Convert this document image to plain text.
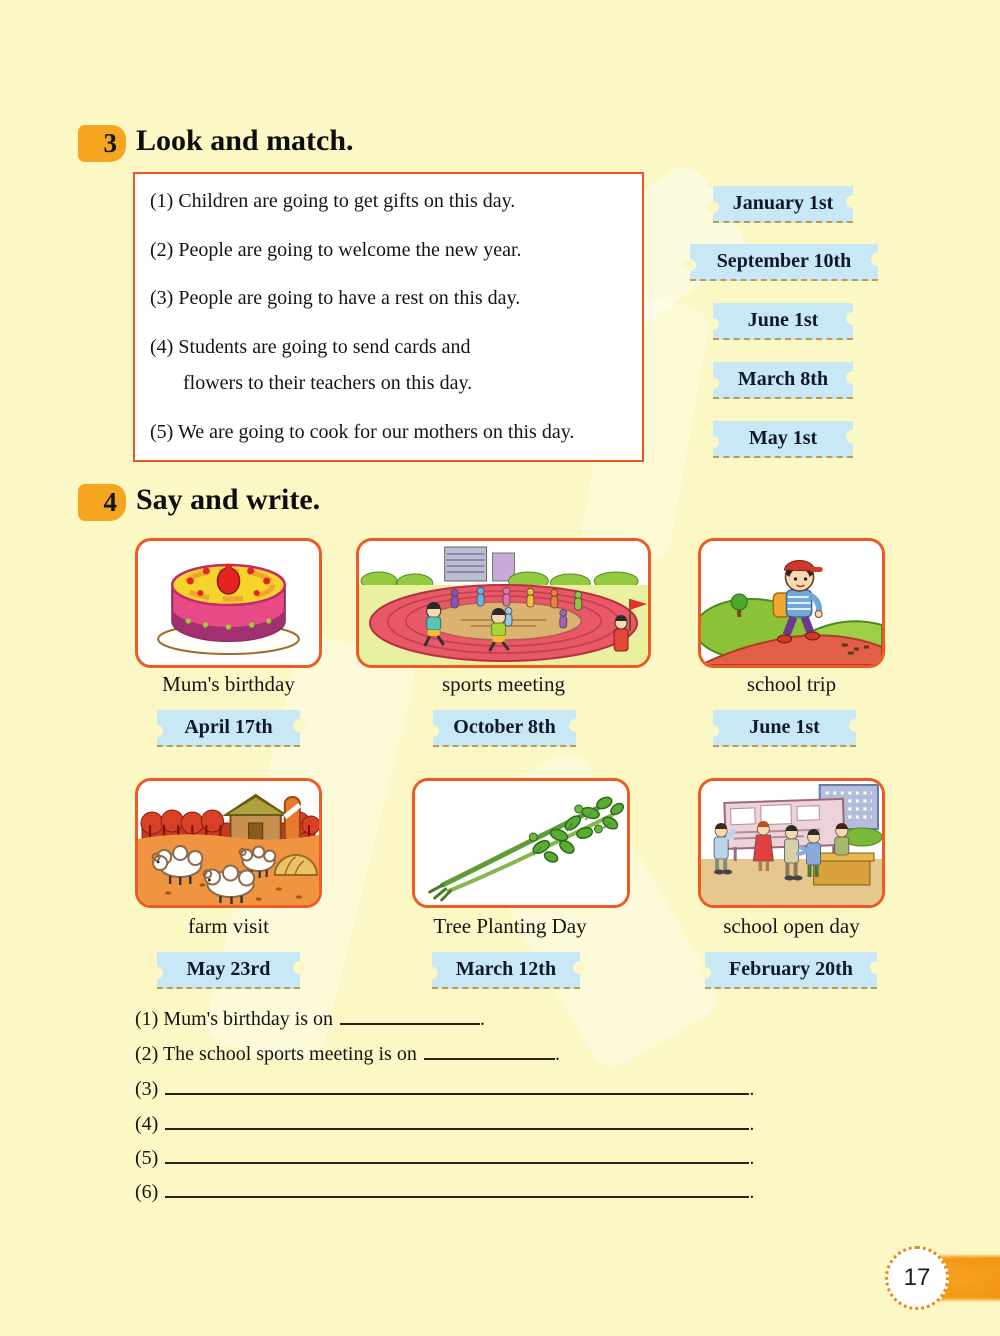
3 Look and match.
(1) Children are going to get gifts on this day.
(2) People are going to welcome the new year.
(3) People are going to have a rest on this day.
(4) Students are going to send cards and
flowers to their teachers on this day.
(5) We are going to cook for our mothers on this day.
January 1st
September 10th
June 1st
March 8th
May 1st
4 Say and write.
Mum's birthday	sports meeting	school trip
April 17th	October 8th	June 1st
farm visit	Tree Planting Day	school open day
May 23rd	March 12th	February 20th
(1) Mum's birthday is on	.
(2) The school sports meeting is on	.
(3)	.
(4)	.
(5)	.
(6)	.
17
